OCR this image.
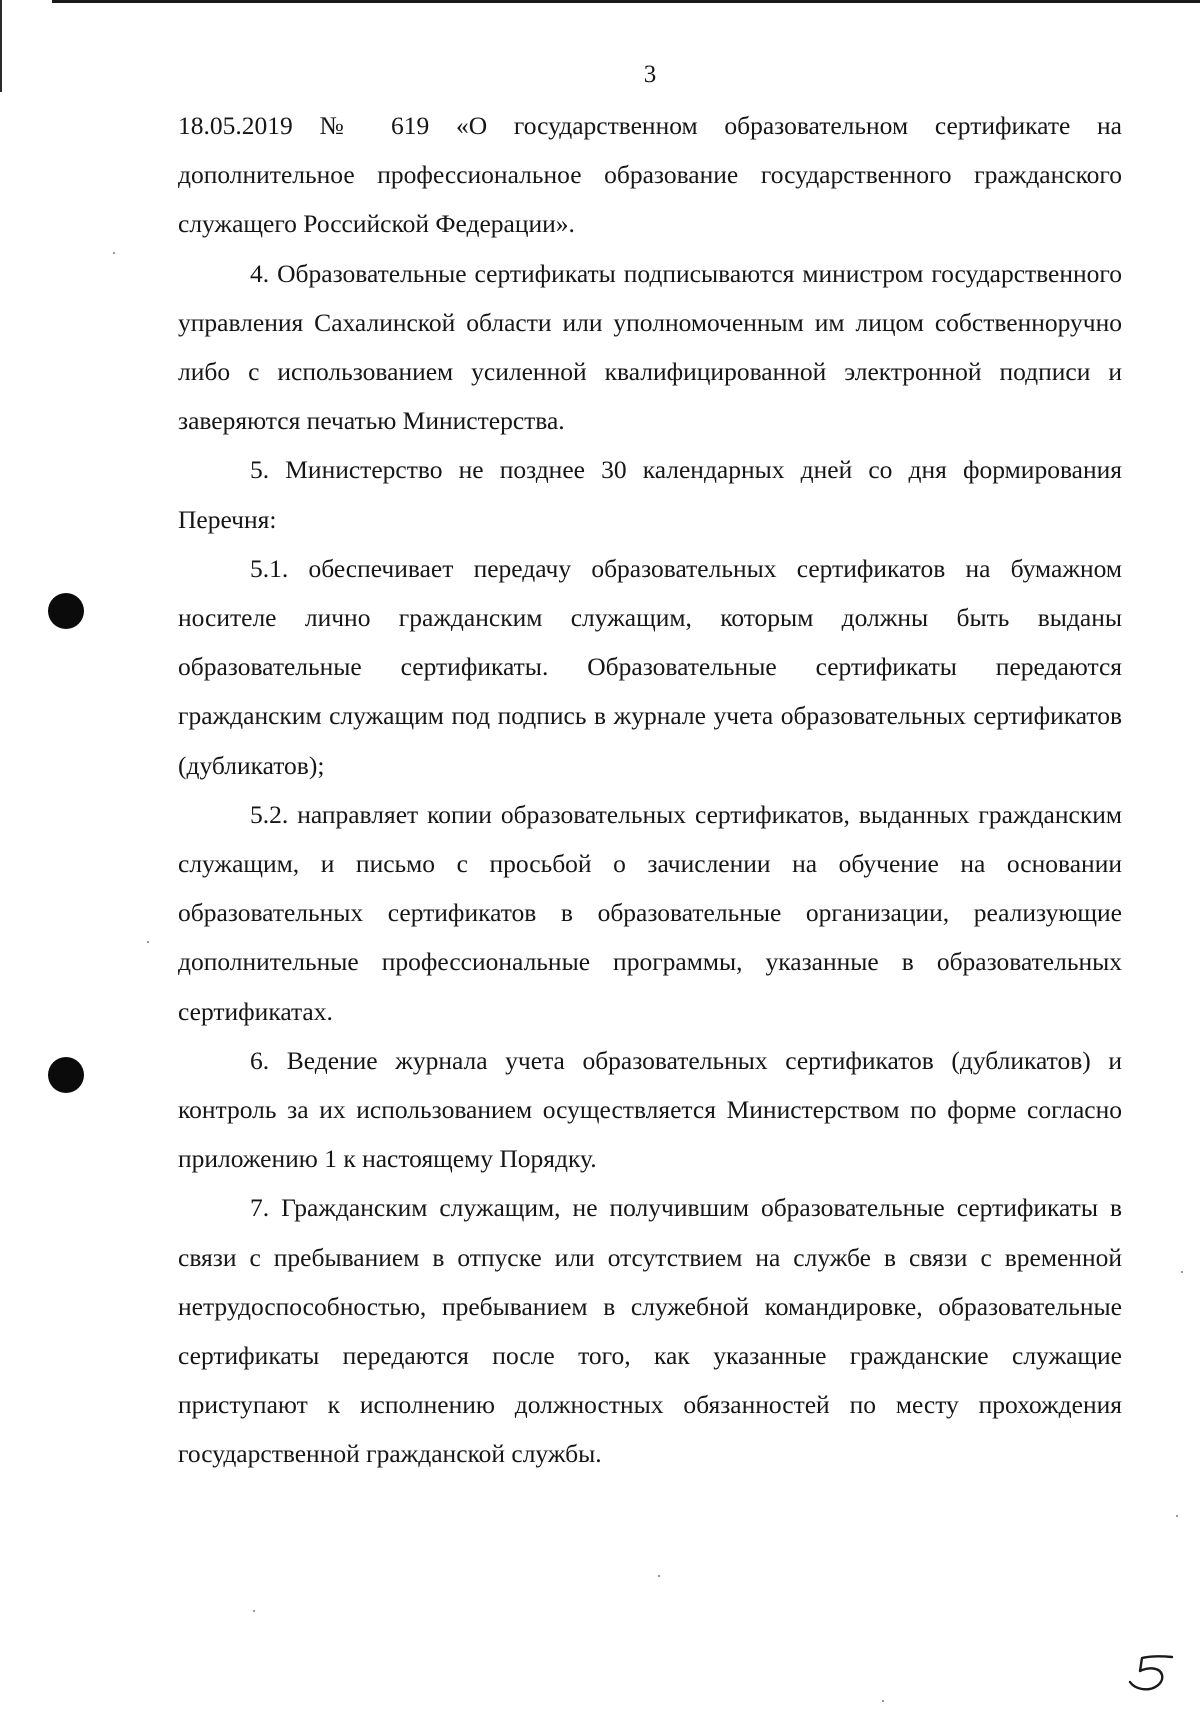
3

18.05.2019 № 619 «О государственном образовательном сертификате на дополнительное профессиональное образование государственного гражданского служащего Российской Федерации».

4. Образовательные сертификаты подписываются министром государственного управления Сахалинской области или уполномоченным им лицом собственноручно либо с использованием усиленной квалифицированной электронной подписи и заверяются печатью Министерства.

5. Министерство не позднее 30 календарных дней со дня формирования Перечня:

5.1. обеспечивает передачу образовательных сертификатов на бумажном носителе лично гражданским служащим, которым должны быть выданы образовательные сертификаты. Образовательные сертификаты передаются гражданским служащим под подпись в журнале учета образовательных сертификатов (дубликатов);

5.2. направляет копии образовательных сертификатов, выданных гражданским служащим, и письмо с просьбой о зачислении на обучение на основании образовательных сертификатов в образовательные организации, реализующие дополнительные профессиональные программы, указанные в образовательных сертификатах.

6. Ведение журнала учета образовательных сертификатов (дубликатов) и контроль за их использованием осуществляется Министерством по форме согласно приложению 1 к настоящему Порядку.

7. Гражданским служащим, не получившим образовательные сертификаты в связи с пребыванием в отпуске или отсутствием на службе в связи с временной нетрудоспособностью, пребыванием в служебной командировке, образовательные сертификаты передаются после того, как указанные гражданские служащие приступают к исполнению должностных обязанностей по месту прохождения государственной гражданской службы.
